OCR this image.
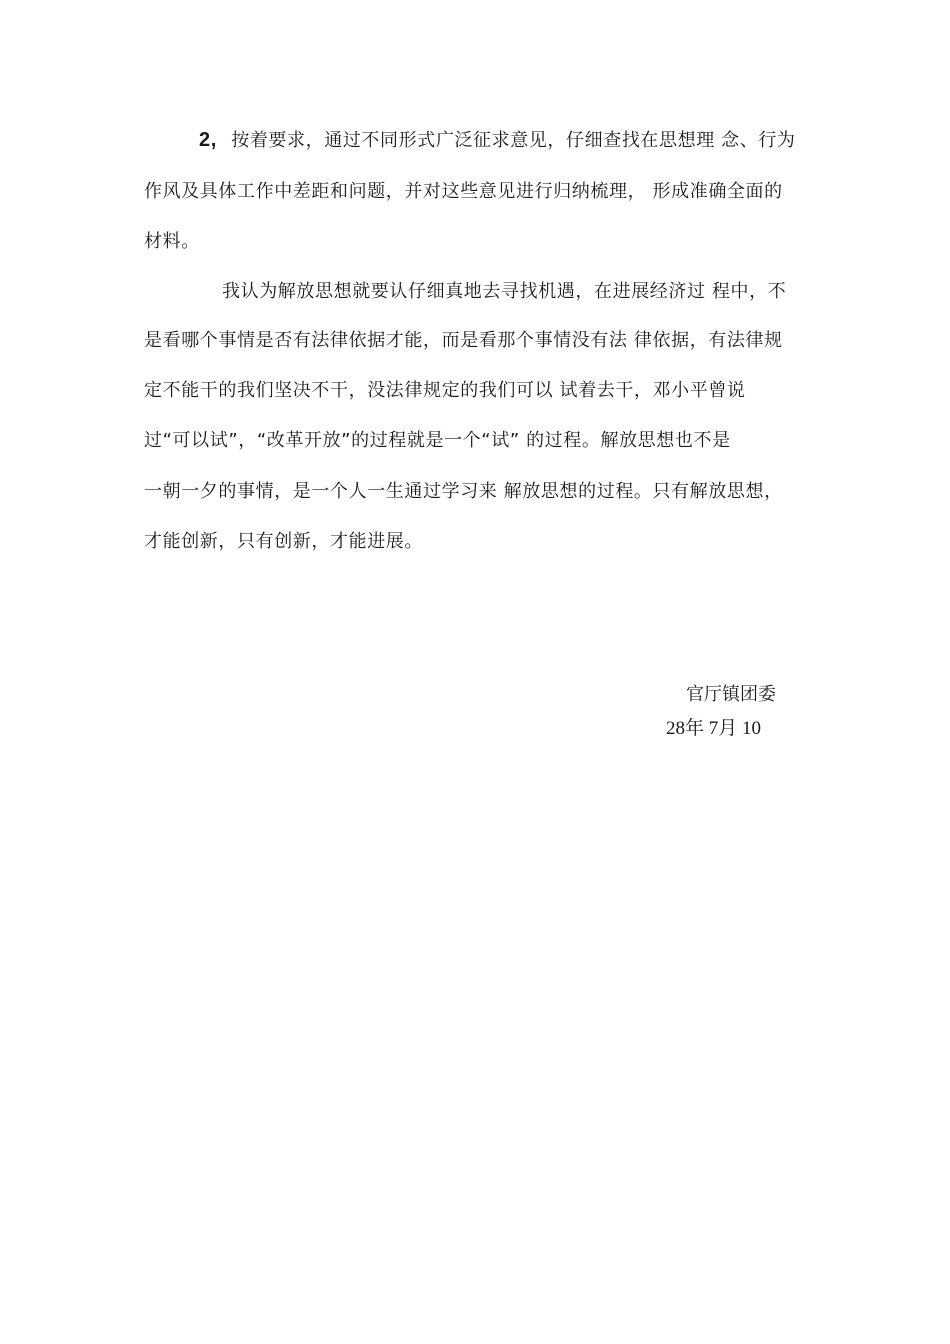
2, 按着要求，通过不同形式广泛征求意见，仔细查找在思想理 念、行为
作风及具体工作中差距和问题，并对这些意见进行归纳梳理， 形成准确全面的
材料。
我认为解放思想就要认仔细真地去寻找机遇，在进展经济过 程中，不
是看哪个事情是否有法律依据才能，而是看那个事情没有法 律依据，有法律规
定不能干的我们坚决不干，没法律规定的我们可以 试着去干，邓小平曾说
过“可以试”，“改革开放”的过程就是一个“试” 的过程。解放思想也不是
一朝一夕的事情，是一个人一生通过学习来 解放思想的过程。只有解放思想，
才能创新，只有创新，才能进展。
官厅镇团委
28年 7月 10
